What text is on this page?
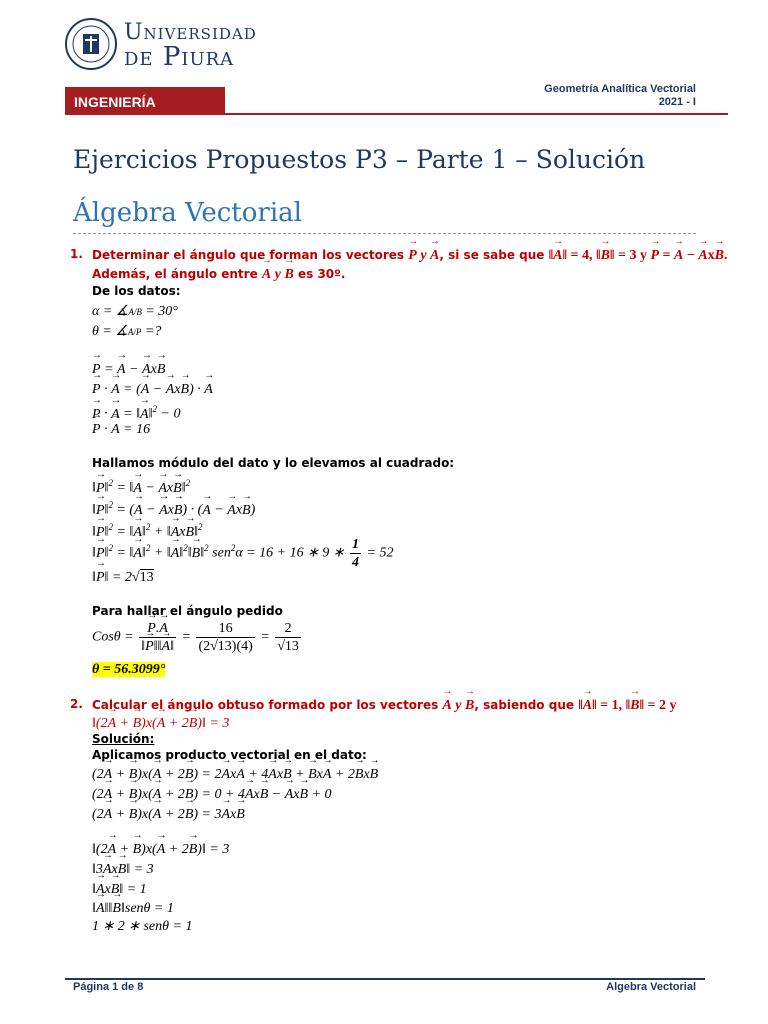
Universidad
de Piura
INGENIERÍA
Geometría Analítica Vectorial
2021 - I
Ejercicios Propuestos P3 – Parte 1 – Solución
Álgebra Vectorial
1. Determinar el ángulo que forman los vectores → P y → A, si se sabe que ‖→ A‖ = 4, ‖→ B‖ = 3 y → P = → A − → Ax→ B.
Además, el ángulo entre → A y → B es 30º.
De los datos:
α = ∡A/B = 30°
θ = ∡A/P =?
→ P = → A − → Ax→ B
→ P · → A = (→ A − → Ax→ B) · → A
→ P · → A = ‖→ A‖$^2$ − 0
→ P · → A = 16
Hallamos módulo del dato y lo elevamos al cuadrado:
‖→ P‖$^2$ = ‖→ A − → Ax→ B‖$^2$
‖→ P‖$^2$ = (→ A − → Ax→ B) · (→ A − → Ax→ B)
‖→ P‖$^2$ = ‖→ A‖$^2$ + ‖→ Ax→ B‖$^2$
‖→ P‖$^2$ = ‖→ A‖$^2$ + ‖→ A‖$^2$‖→ B‖$^2$ sen$^2$α = 16 + 16 ∗ 9 ∗ $\frac{1}{4} = 52$
‖→ P‖ = 2√13
Para hallar el ángulo pedido
Cosθ = → $\frac{P.\to A}{‖\to P‖‖\to A‖} = \frac{16}{(2√13)(4)} = \frac{2}{√13}$
θ = 56.3099°
2. Calcular el ángulo obtuso formado por los vectores → A y → B, sabiendo que ‖→ A‖ = 1, ‖→ B‖ = 2 y
‖(2→ A + → B)x(→ A + 2→ B)‖ = 3
Solución:
Aplicamos producto vectorial en el dato:
(2→ A + → B)x(→ A + 2→ B) = 2→ Ax→ A + 4→ Ax→ B + → Bx→ A + 2→ Bx→ B
(2→ A + → B)x(→ A + 2→ B) = 0 + 4→ Ax→ B − → Ax→ B + 0
(2→ A + → B)x(→ A + 2→ B) = 3→ Ax→ B
‖(2→ A + → B)x(→ A + 2→ B)‖ = 3
‖3→ Ax→ B‖ = 3
‖→ Ax→ B‖ = 1
‖→ A‖‖→ B‖senθ = 1
1 ∗ 2 ∗ senθ = 1
Página 1 de 8	Algebra Vectorial
